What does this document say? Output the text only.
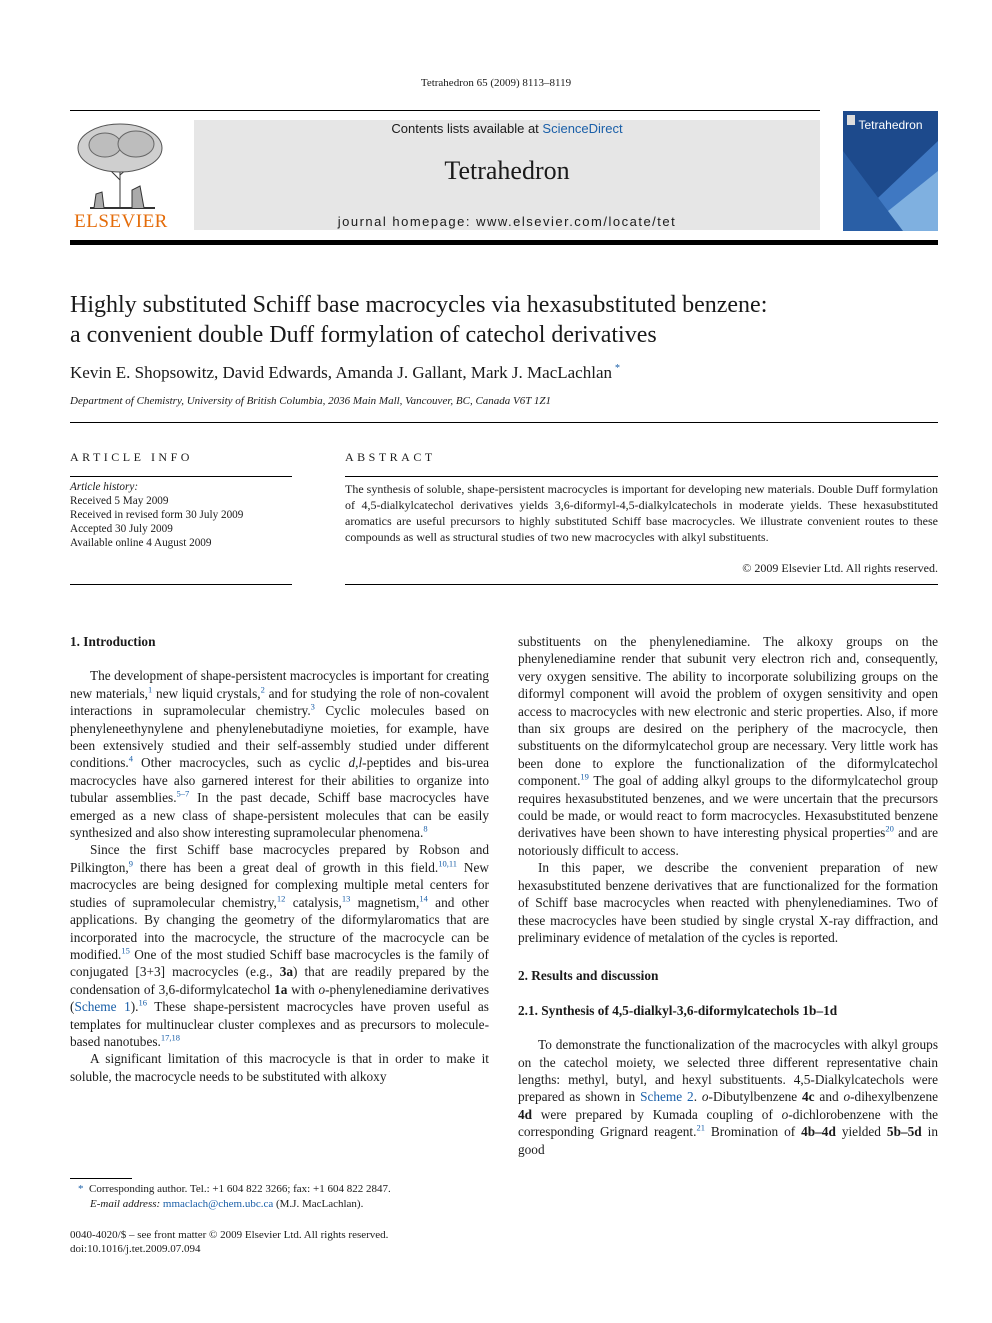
Tetrahedron 65 (2009) 8113–8119
ELSEVIER
Contents lists available at ScienceDirect
Tetrahedron
journal homepage: www.elsevier.com/locate/tet
Tetrahedron
Highly substituted Schiff base macrocycles via hexasubstituted benzene:
a convenient double Duff formylation of catechol derivatives
Kevin E. Shopsowitz, David Edwards, Amanda J. Gallant, Mark J. MacLachlan *
Department of Chemistry, University of British Columbia, 2036 Main Mall, Vancouver, BC, Canada V6T 1Z1
ARTICLE INFO
Article history:
Received 5 May 2009
Received in revised form 30 July 2009
Accepted 30 July 2009
Available online 4 August 2009
ABSTRACT
The synthesis of soluble, shape-persistent macrocycles is important for developing new materials. Double Duff formylation of 4,5-dialkylcatechol derivatives yields 3,6-diformyl-4,5-dialkylcatechols in moderate yields. These hexasubstituted aromatics are useful precursors to highly substituted Schiff base macrocycles. We illustrate convenient routes to these compounds as well as structural studies of two new macrocycles with alkyl substituents.
© 2009 Elsevier Ltd. All rights reserved.
1. Introduction

The development of shape-persistent macrocycles is important for creating new materials,$^1$ new liquid crystals,$^2$ and for studying the role of non-covalent interactions in supramolecular chemistry.$^3$ Cyclic molecules based on phenyleneethynylene and phenylenebutadiyne moieties, for example, have been extensively studied and their self-assembly studied under different conditions.$^4$ Other macrocycles, such as cyclic d,l-peptides and bis-urea macrocycles have also garnered interest for their abilities to organize into tubular assemblies.$^{5-7}$ In the past decade, Schiff base macrocycles have emerged as a new class of shape-persistent molecules that can be easily synthesized and also show interesting supramolecular phenomena.$^8$

Since the first Schiff base macrocycles prepared by Robson and Pilkington,$^9$ there has been a great deal of growth in this field.$^{10,11}$ New macrocycles are being designed for complexing multiple metal centers for studies of supramolecular chemistry,$^{12}$ catalysis,$^{13}$ magnetism,$^{14}$ and other applications. By changing the geometry of the diformylaromatics that are incorporated into the macrocycle, the structure of the macrocycle can be modified.$^{15}$ One of the most studied Schiff base macrocycles is the family of conjugated [3+3] macrocycles (e.g., 3a) that are readily prepared by the condensation of 3,6-diformylcatechol 1a with o-phenylenediamine derivatives (Scheme 1).$^{16}$ These shape-persistent macrocycles have proven useful as templates for multinuclear cluster complexes and as precursors to molecule-based nanotubes.$^{17,18}$

A significant limitation of this macrocycle is that in order to make it soluble, the macrocycle needs to be substituted with alkoxy

substituents on the phenylenediamine. The alkoxy groups on the phenylenediamine render that subunit very electron rich and, consequently, very oxygen sensitive. The ability to incorporate solubilizing groups on the diformyl component will avoid the problem of oxygen sensitivity and open access to macrocycles with new electronic and steric properties. Also, if more than six groups are desired on the periphery of the macrocycle, then substituents on the diformylcatechol group are necessary. Very little work has been done to explore the functionalization of the diformylcatechol component.$^{19}$ The goal of adding alkyl groups to the diformylcatechol group requires hexasubstituted benzenes, and we were uncertain that the precursors could be made, or would react to form macrocycles. Hexasubstituted benzene derivatives have been shown to have interesting physical properties$^{20}$ and are notoriously difficult to access.

In this paper, we describe the convenient preparation of new hexasubstituted benzene derivatives that are functionalized for the formation of Schiff base macrocycles when reacted with phenylenediamines. Two of these macrocycles have been studied by single crystal X-ray diffraction, and preliminary evidence of metalation of the cycles is reported.

2. Results and discussion
2.1. Synthesis of 4,5-dialkyl-3,6-diformylcatechols 1b–1d

To demonstrate the functionalization of the macrocycles with alkyl groups on the catechol moiety, we selected three different representative chain lengths: methyl, butyl, and hexyl substituents. 4,5-Dialkylcatechols were prepared as shown in Scheme 2. o-Dibutylbenzene 4c and o-dihexylbenzene 4d were prepared by Kumada coupling of o-dichlorobenzene with the corresponding Grignard reagent.$^{21}$ Bromination of 4b–4d yielded 5b–5d in good

* Corresponding author. Tel.: +1 604 822 3266; fax: +1 604 822 2847.
E-mail address: mmaclach@chem.ubc.ca (M.J. MacLachlan).
0040-4020/$ – see front matter © 2009 Elsevier Ltd. All rights reserved.
doi:10.1016/j.tet.2009.07.094
